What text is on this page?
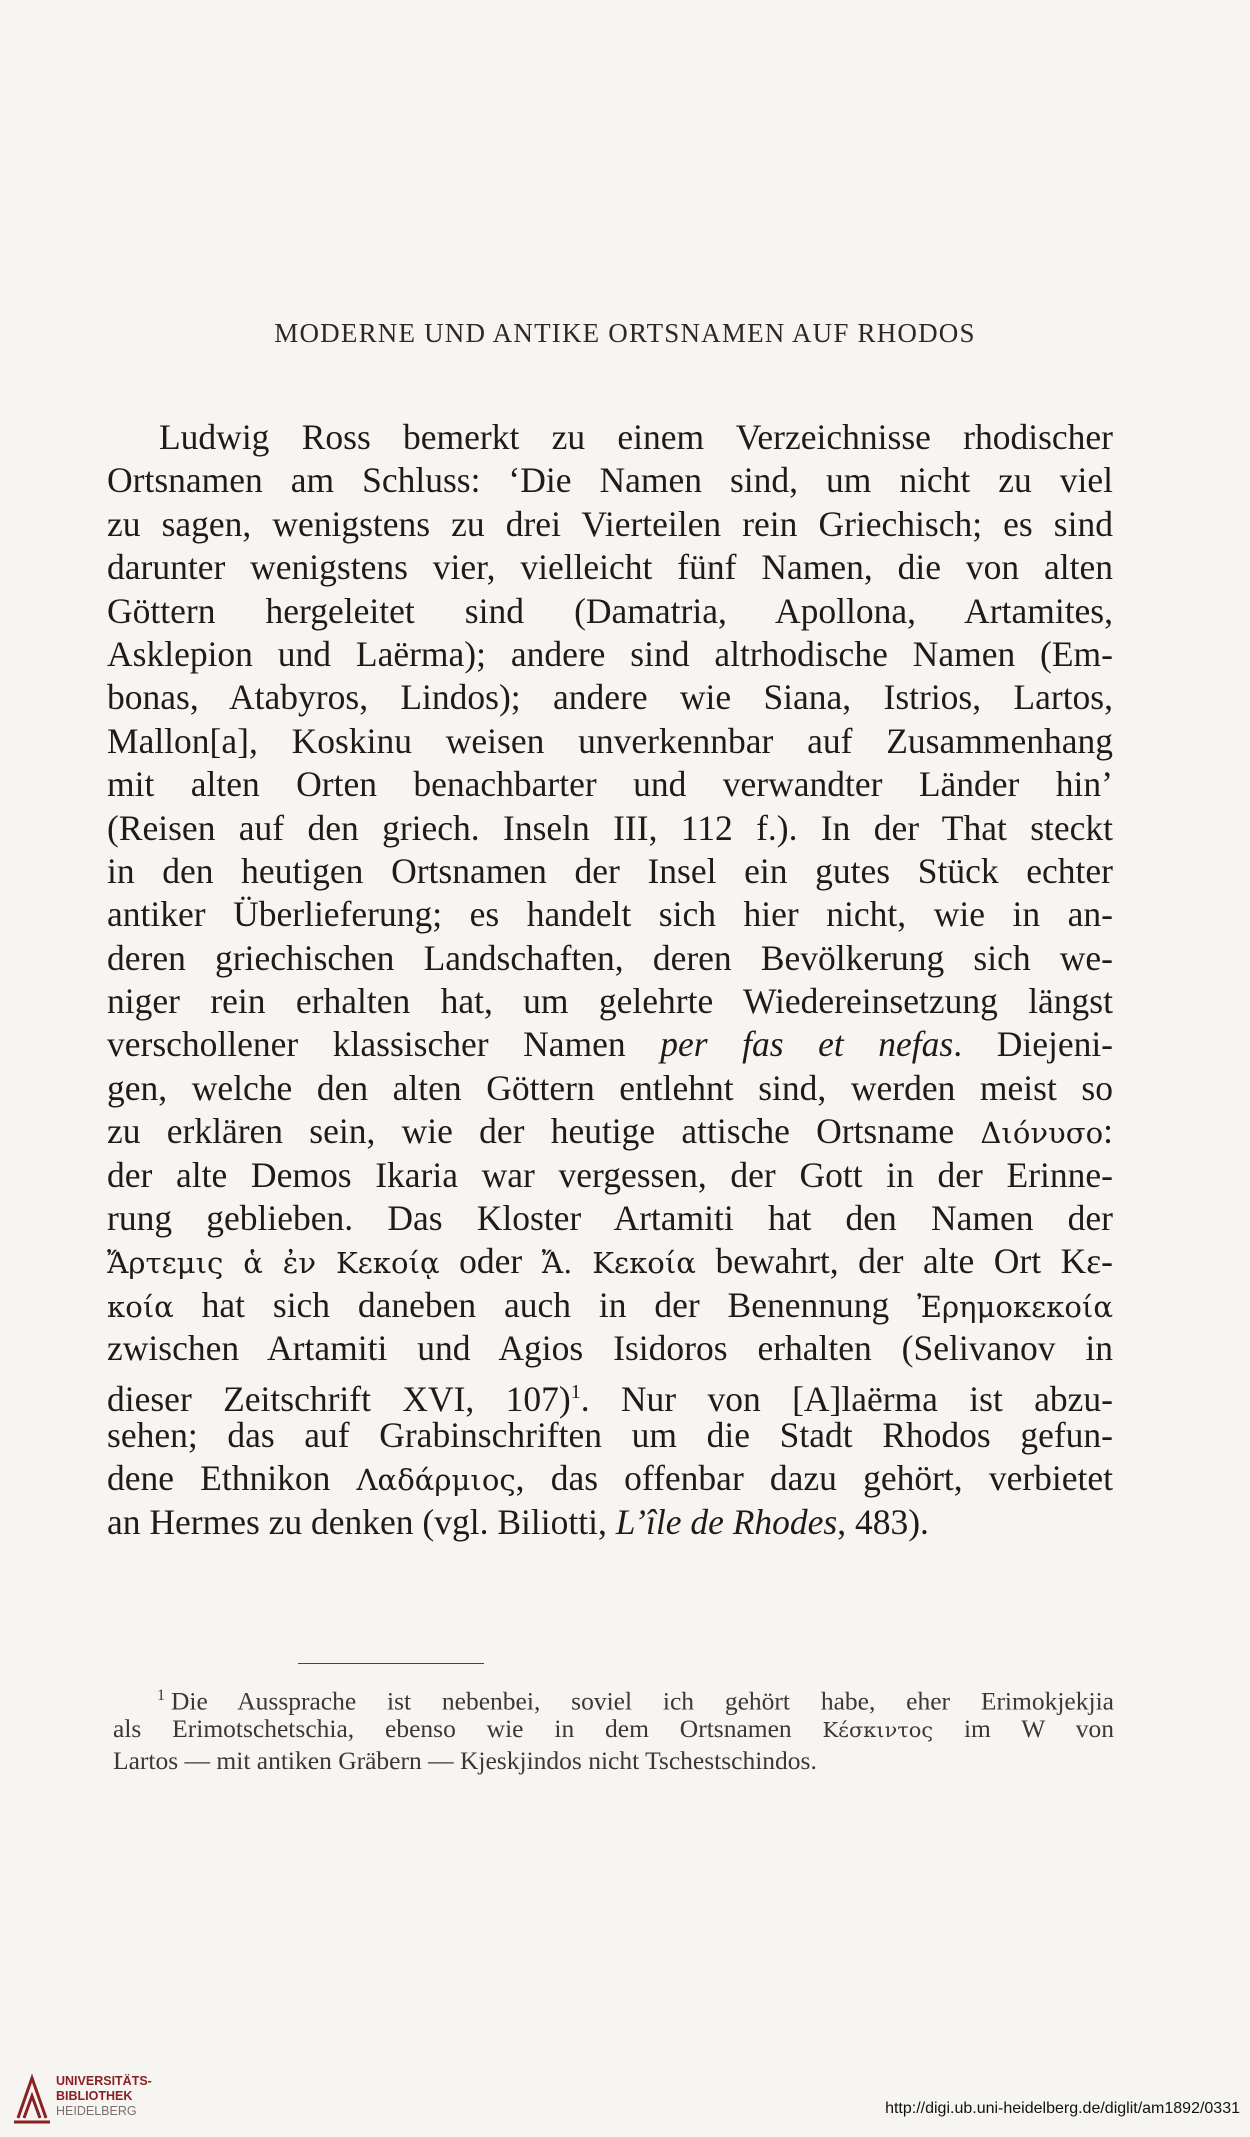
MODERNE UND ANTIKE ORTSNAMEN AUF RHODOS
Ludwig Ross bemerkt zu einem Verzeichnisse rhodischer
Ortsnamen am Schluss: ‘Die Namen sind, um nicht zu viel
zu sagen, wenigstens zu drei Vierteilen rein Griechisch; es sind
darunter wenigstens vier, vielleicht fünf Namen, die von alten
Göttern hergeleitet sind (Damatria, Apollona, Artamites,
Asklepion und Laërma); andere sind altrhodische Namen (Em-
bonas, Atabyros, Lindos); andere wie Siana, Istrios, Lartos,
Mallon[a], Koskinu weisen unverkennbar auf Zusammenhang
mit alten Orten benachbarter und verwandter Länder hin’
(Reisen auf den griech. Inseln III, 112 f.). In der That steckt
in den heutigen Ortsnamen der Insel ein gutes Stück echter
antiker Überlieferung; es handelt sich hier nicht, wie in an-
deren griechischen Landschaften, deren Bevölkerung sich we-
niger rein erhalten hat, um gelehrte Wiedereinsetzung längst
verschollener klassischer Namen per fas et nefas. Diejeni-
gen, welche den alten Göttern entlehnt sind, werden meist so
zu erklären sein, wie der heutige attische Ortsname Διόνυσο:
der alte Demos Ikaria war vergessen, der Gott in der Erinne-
rung geblieben. Das Kloster Artamiti hat den Namen der
Ἄρτεμις ἁ ἐν Κεκοίᾳ oder Ἄ. Κεκοία bewahrt, der alte Ort Κε-
κοία hat sich daneben auch in der Benennung Ἐρημοκεκοία
zwischen Artamiti und Agios Isidoros erhalten (Selivanov in
dieser Zeitschrift XVI, 107)$^1$. Nur von [A]laërma ist abzu-
sehen; das auf Grabinschriften um die Stadt Rhodos gefun-
dene Ethnikon Λαδάρμιος, das offenbar dazu gehört, verbietet
an Hermes zu denken (vgl. Biliotti, L’île de Rhodes, 483).
$^1$ Die Aussprache ist nebenbei, soviel ich gehört habe, eher Erimokjekjia
als Erimotschetschia, ebenso wie in dem Ortsnamen Κέσκιντος im W von
Lartos — mit antiken Gräbern — Kjeskjindos nicht Tschestschindos.
UNIVERSITÄTS-
BIBLIOTHEK
HEIDELBERG	http://digi.ub.uni-heidelberg.de/diglit/am1892/0331
